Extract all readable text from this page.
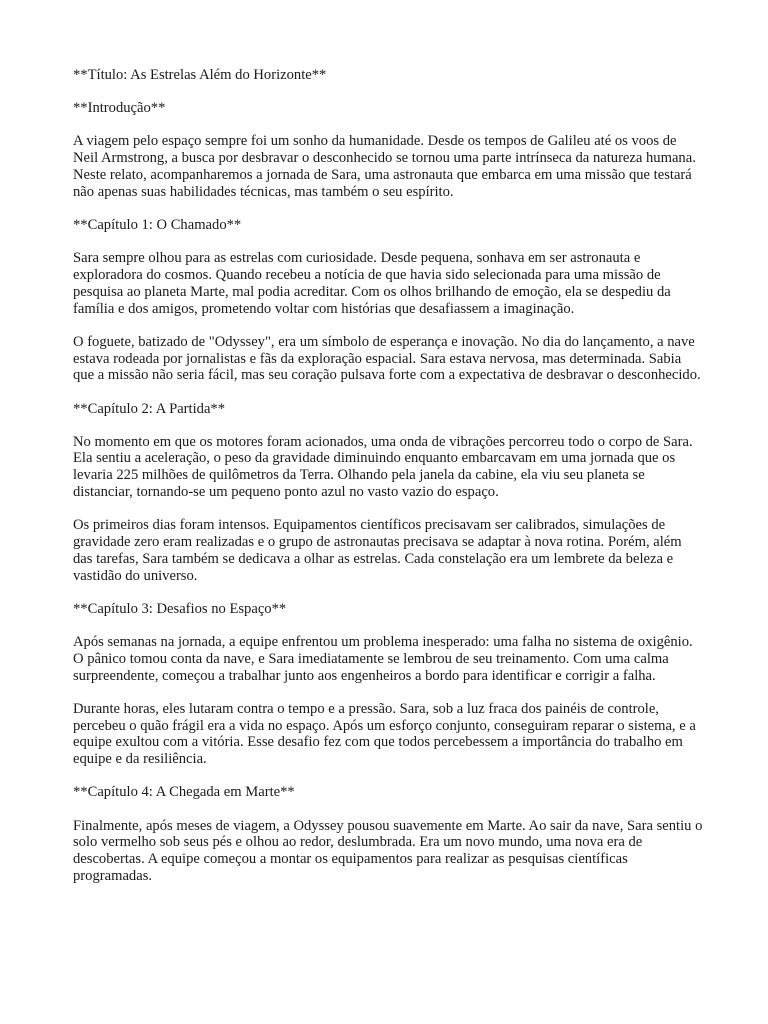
**Título: As Estrelas Além do Horizonte**

**Introdução**

A viagem pelo espaço sempre foi um sonho da humanidade. Desde os tempos de Galileu até os voos de Neil Armstrong, a busca por desbravar o desconhecido se tornou uma parte intrínseca da natureza humana. Neste relato, acompanharemos a jornada de Sara, uma astronauta que embarca em uma missão que testará não apenas suas habilidades técnicas, mas também o seu espírito.

**Capítulo 1: O Chamado**

Sara sempre olhou para as estrelas com curiosidade. Desde pequena, sonhava em ser astronauta e exploradora do cosmos. Quando recebeu a notícia de que havia sido selecionada para uma missão de pesquisa ao planeta Marte, mal podia acreditar. Com os olhos brilhando de emoção, ela se despediu da família e dos amigos, prometendo voltar com histórias que desafiassem a imaginação.

O foguete, batizado de "Odyssey", era um símbolo de esperança e inovação. No dia do lançamento, a nave estava rodeada por jornalistas e fãs da exploração espacial. Sara estava nervosa, mas determinada. Sabia que a missão não seria fácil, mas seu coração pulsava forte com a expectativa de desbravar o desconhecido.

**Capítulo 2: A Partida**

No momento em que os motores foram acionados, uma onda de vibrações percorreu todo o corpo de Sara. Ela sentiu a aceleração, o peso da gravidade diminuindo enquanto embarcavam em uma jornada que os levaria 225 milhões de quilômetros da Terra. Olhando pela janela da cabine, ela viu seu planeta se distanciar, tornando-se um pequeno ponto azul no vasto vazio do espaço.

Os primeiros dias foram intensos. Equipamentos científicos precisavam ser calibrados, simulações de gravidade zero eram realizadas e o grupo de astronautas precisava se adaptar à nova rotina. Porém, além das tarefas, Sara também se dedicava a olhar as estrelas. Cada constelação era um lembrete da beleza e vastidão do universo.

**Capítulo 3: Desafios no Espaço**

Após semanas na jornada, a equipe enfrentou um problema inesperado: uma falha no sistema de oxigênio. O pânico tomou conta da nave, e Sara imediatamente se lembrou de seu treinamento. Com uma calma surpreendente, começou a trabalhar junto aos engenheiros a bordo para identificar e corrigir a falha.

Durante horas, eles lutaram contra o tempo e a pressão. Sara, sob a luz fraca dos painéis de controle, percebeu o quão frágil era a vida no espaço. Após um esforço conjunto, conseguiram reparar o sistema, e a equipe exultou com a vitória. Esse desafio fez com que todos percebessem a importância do trabalho em equipe e da resiliência.

**Capítulo 4: A Chegada em Marte**

Finalmente, após meses de viagem, a Odyssey pousou suavemente em Marte. Ao sair da nave, Sara sentiu o solo vermelho sob seus pés e olhou ao redor, deslumbrada. Era um novo mundo, uma nova era de descobertas. A equipe começou a montar os equipamentos para realizar as pesquisas científicas programadas.
